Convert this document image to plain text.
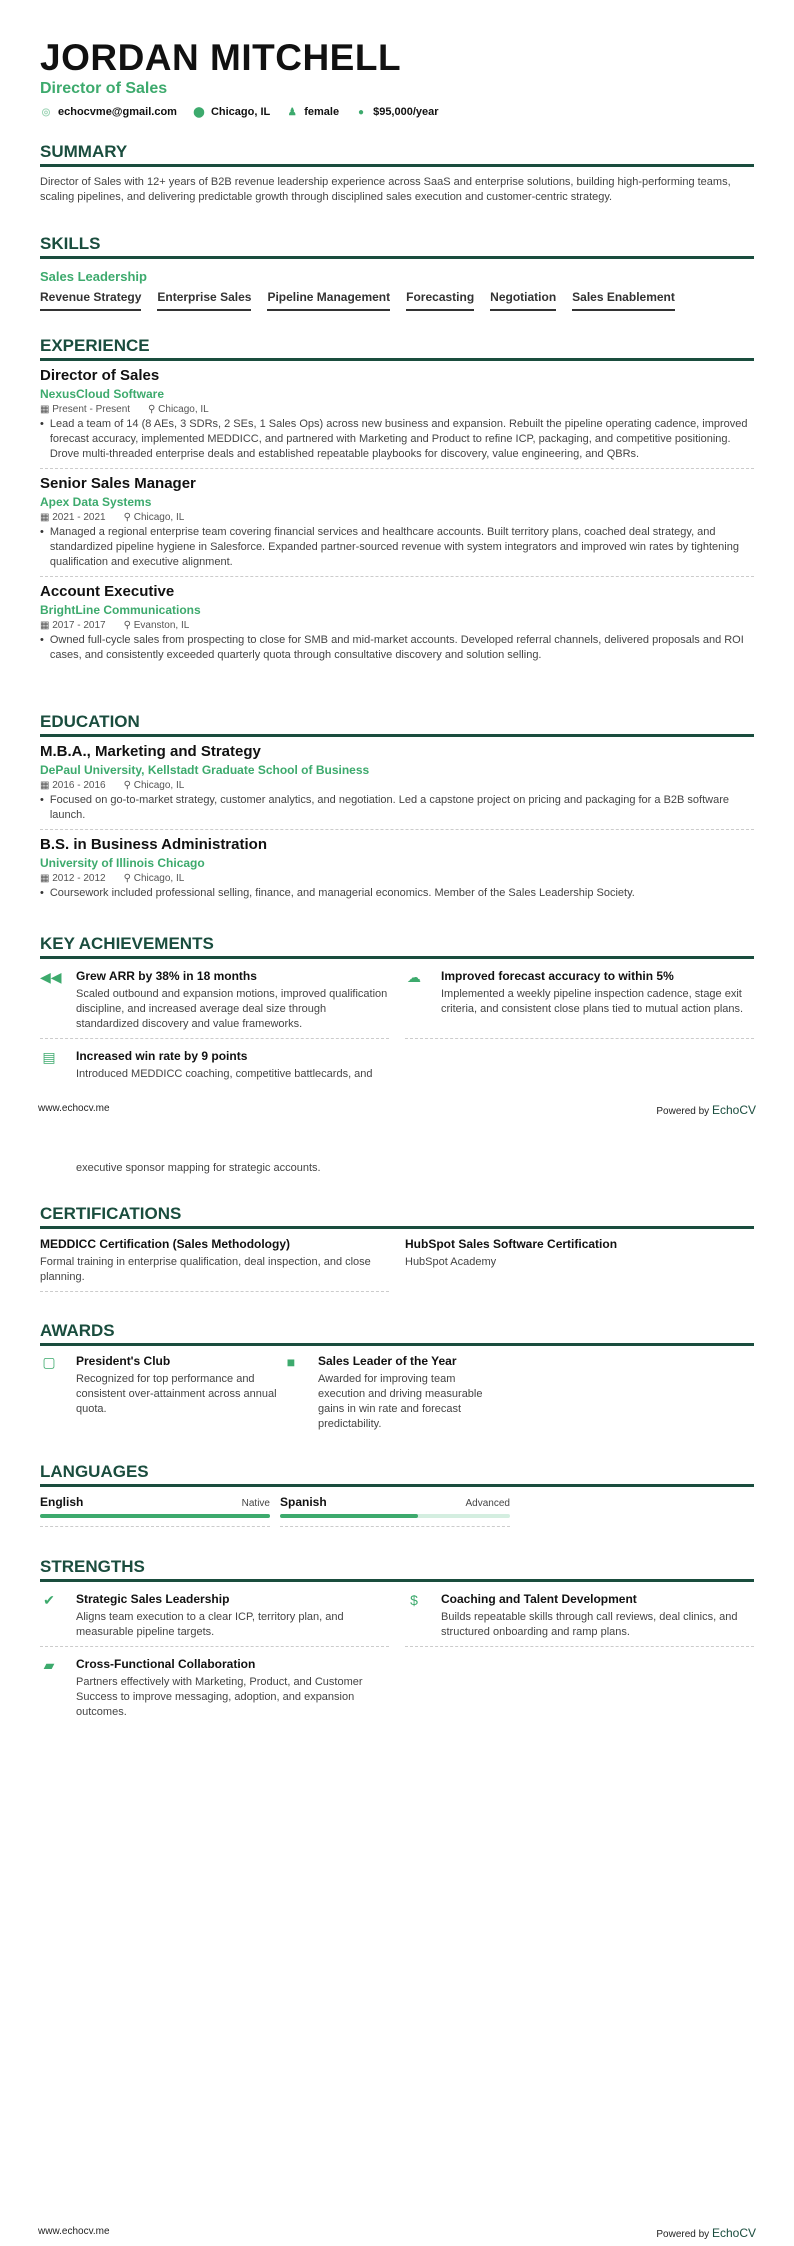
JORDAN MITCHELL
Director of Sales
◎ echocvme@gmail.com ⬤ Chicago, IL ♟ female ● $95,000/year
SUMMARY
Director of Sales with 12+ years of B2B revenue leadership experience across SaaS and enterprise solutions, building high-performing teams, scaling pipelines, and delivering predictable growth through disciplined sales execution and customer-centric strategy.
SKILLS
Sales Leadership
Revenue Strategy Enterprise Sales Pipeline Management Forecasting Negotiation Sales Enablement
EXPERIENCE
Director of Sales
NexusCloud Software
▦ Present - Present ⚲ Chicago, IL
• Lead a team of 14 (8 AEs, 3 SDRs, 2 SEs, 1 Sales Ops) across new business and expansion. Rebuilt the pipeline operating cadence, improved forecast accuracy, implemented MEDDICC, and partnered with Marketing and Product to refine ICP, packaging, and competitive positioning. Drove multi-threaded enterprise deals and established repeatable playbooks for discovery, value engineering, and QBRs.
Senior Sales Manager
Apex Data Systems
▦ 2021 - 2021 ⚲ Chicago, IL
• Managed a regional enterprise team covering financial services and healthcare accounts. Built territory plans, coached deal strategy, and standardized pipeline hygiene in Salesforce. Expanded partner-sourced revenue with system integrators and improved win rates by tightening qualification and executive alignment.
Account Executive
BrightLine Communications
▦ 2017 - 2017 ⚲ Evanston, IL
• Owned full-cycle sales from prospecting to close for SMB and mid-market accounts. Developed referral channels, delivered proposals and ROI cases, and consistently exceeded quarterly quota through consultative discovery and solution selling.
EDUCATION
M.B.A., Marketing and Strategy
DePaul University, Kellstadt Graduate School of Business
▦ 2016 - 2016 ⚲ Chicago, IL
• Focused on go-to-market strategy, customer analytics, and negotiation. Led a capstone project on pricing and packaging for a B2B software launch.
B.S. in Business Administration
University of Illinois Chicago
▦ 2012 - 2012 ⚲ Chicago, IL
• Coursework included professional selling, finance, and managerial economics. Member of the Sales Leadership Society.
KEY ACHIEVEMENTS
◀◀ Grew ARR by 38% in 18 months
Scaled outbound and expansion motions, improved qualification discipline, and increased average deal size through standardized discovery and value frameworks.
☁ Improved forecast accuracy to within 5%
Implemented a weekly pipeline inspection cadence, stage exit criteria, and consistent close plans tied to mutual action plans.
▤ Increased win rate by 9 points
Introduced MEDDICC coaching, competitive battlecards, and
www.echocv.me	Powered by EchoCV
executive sponsor mapping for strategic accounts.
CERTIFICATIONS
MEDDICC Certification (Sales Methodology)
Formal training in enterprise qualification, deal inspection, and close planning.
HubSpot Sales Software Certification
HubSpot Academy
AWARDS
▢ President's Club
Recognized for top performance and consistent over-attainment across annual quota.
■	Sales Leader of the Year
Awarded for improving team execution and driving measurable gains in win rate and forecast predictability.
LANGUAGES
English	Native Spanish	Advanced
STRENGTHS
✔ Strategic Sales Leadership
Aligns team execution to a clear ICP, territory plan, and measurable pipeline targets.
$	Coaching and Talent Development
Builds repeatable skills through call reviews, deal clinics, and structured onboarding and ramp plans.
▰	Cross-Functional Collaboration
Partners effectively with Marketing, Product, and Customer Success to improve messaging, adoption, and expansion outcomes.
www.echocv.me	Powered by EchoCV
